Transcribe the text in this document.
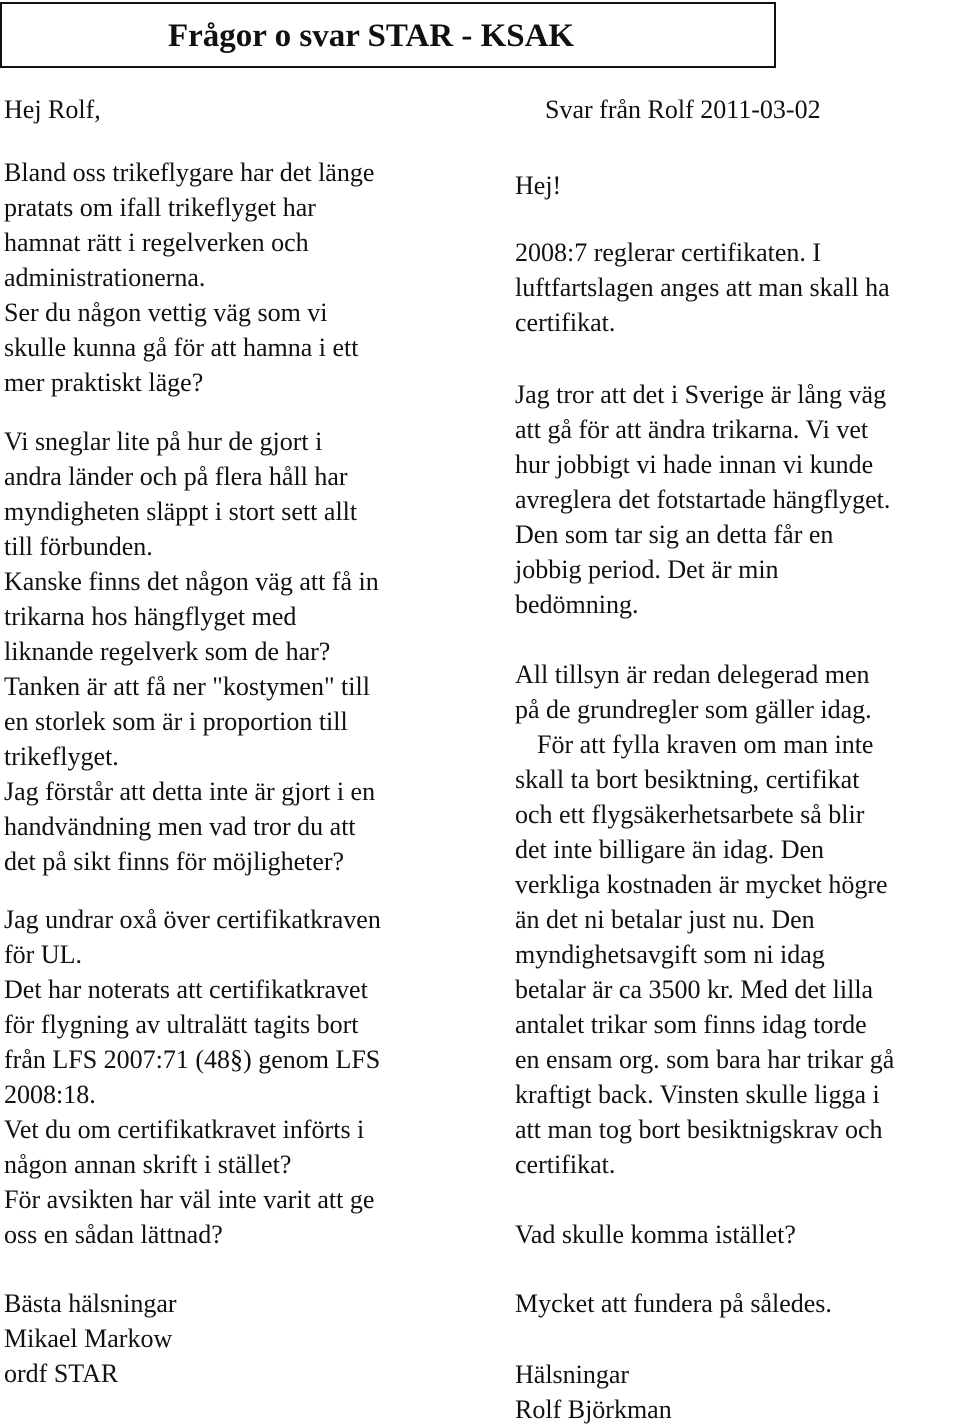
Frågor o svar STAR - KSAK
Hej Rolf,	Svar från Rolf 2011-03-02
Bland oss trikeflygare har det länge
pratats om ifall trikeflyget har
hamnat rätt i regelverken och
administrationerna.
Ser du någon vettig väg som vi
skulle kunna gå för att hamna i ett
mer praktiskt läge?
Vi sneglar lite på hur de gjort i
andra länder och på flera håll har
myndigheten släppt i stort sett allt
till förbunden.
Kanske finns det någon väg att få in
trikarna hos hängflyget med
liknande regelverk som de har?
Tanken är att få ner "kostymen" till
en storlek som är i proportion till
trikeflyget.
Jag förstår att detta inte är gjort i en
handvändning men vad tror du att
det på sikt finns för möjligheter?
Jag undrar oxå över certifikatkraven
för UL.
Det har noterats att certifikatkravet
för flygning av ultralätt tagits bort
från LFS 2007:71 (48§) genom LFS
2008:18.
Vet du om certifikatkravet införts i
någon annan skrift i stället?
För avsikten har väl inte varit att ge
oss en sådan lättnad?
Bästa hälsningar
Mikael Markow
ordf STAR
Hej!
2008:7 reglerar certifikaten. I
luftfartslagen anges att man skall ha
certifikat.
Jag tror att det i Sverige är lång väg
att gå för att ändra trikarna. Vi vet
hur jobbigt vi hade innan vi kunde
avreglera det fotstartade hängflyget.
Den som tar sig an detta får en
jobbig period. Det är min
bedömning.
All tillsyn är redan delegerad men
på de grundregler som gäller idag.
För att fylla kraven om man inte
skall ta bort besiktning, certifikat
och ett flygsäkerhetsarbete så blir
det inte billigare än idag. Den
verkliga kostnaden är mycket högre
än det ni betalar just nu. Den
myndighetsavgift som ni idag
betalar är ca 3500 kr. Med det lilla
antalet trikar som finns idag torde
en ensam org. som bara har trikar gå
kraftigt back. Vinsten skulle ligga i
att man tog bort besiktnigskrav och
certifikat.
Vad skulle komma istället?
Mycket att fundera på således.
Hälsningar
Rolf Björkman
